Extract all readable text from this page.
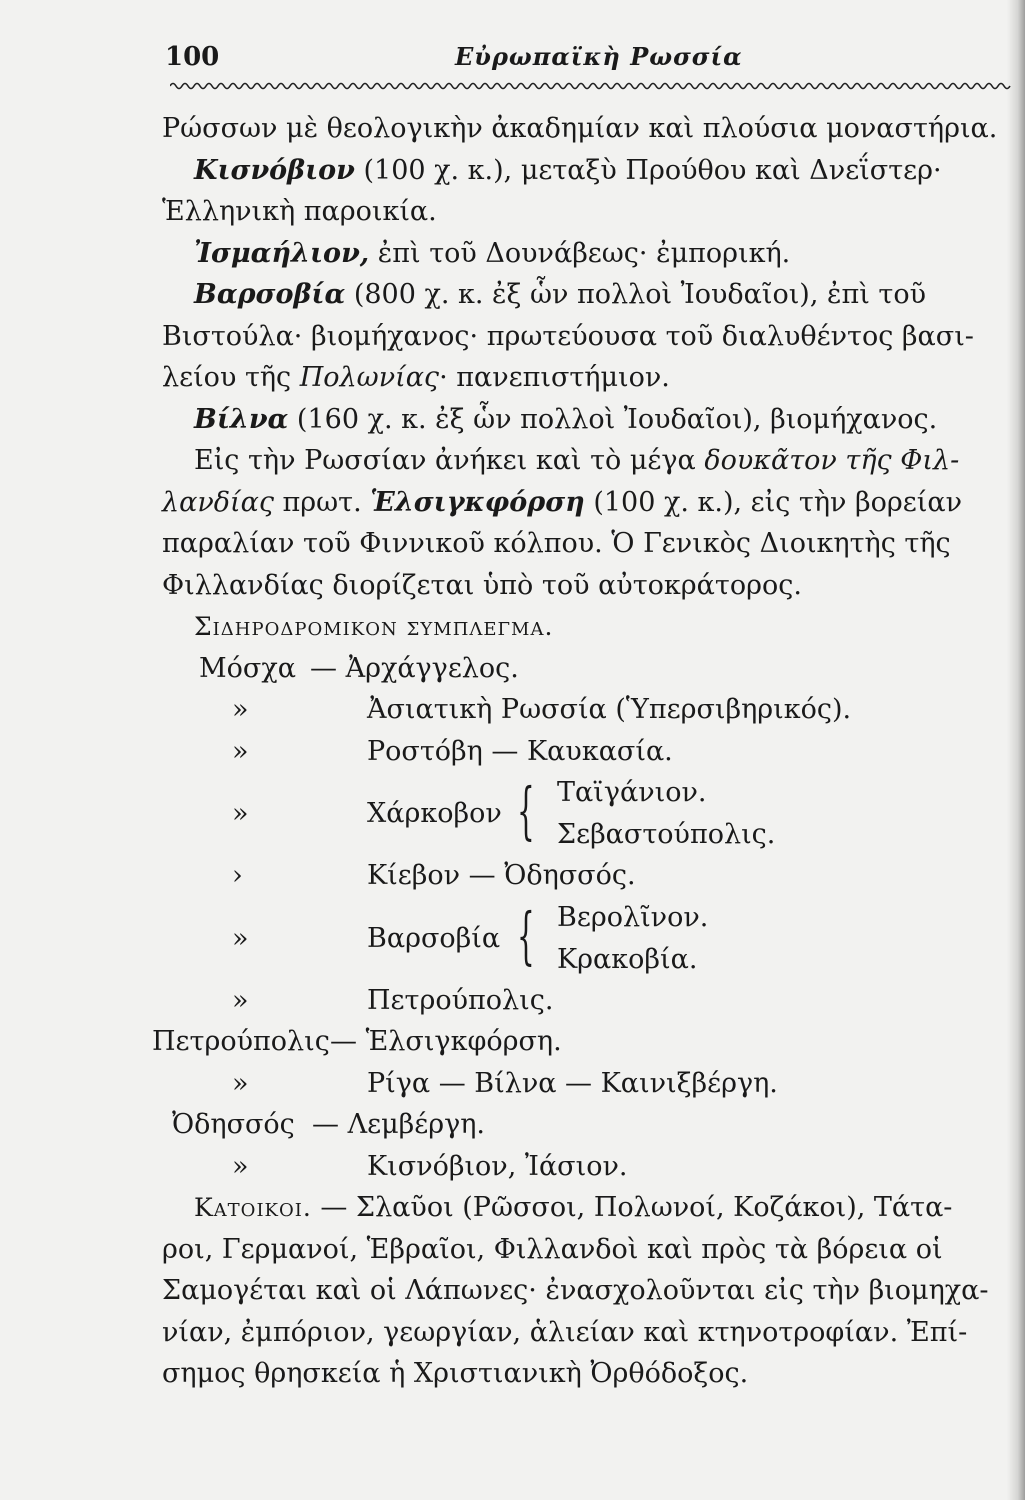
100	Εὐρωπαϊκὴ Ρωσσία
Ρώσσων μὲ θεολογικὴν ἀκαδημίαν καὶ πλούσια μοναστήρια.
Κισνόβιον (100 χ. κ.), μεταξὺ Προύθου καὶ Δνεΐστερ·
Ἑλληνικὴ παροικία.
Ἰσμαήλιον, ἐπὶ τοῦ Δουνάβεως· ἐμπορική.
Βαρσοβία (800 χ. κ. ἐξ ὧν πολλοὶ Ἰουδαῖοι), ἐπὶ τοῦ
Βιστούλα· βιομήχανος· πρωτεύουσα τοῦ διαλυθέντος βασι-
λείου τῆς Πολωνίας· πανεπιστήμιον.
Βίλνα (160 χ. κ. ἐξ ὧν πολλοὶ Ἰουδαῖοι), βιομήχανος.
Εἰς τὴν Ρωσσίαν ἀνήκει καὶ τὸ μέγα δουκᾶτον τῆς Φιλ-
λανδίας πρωτ. Ἑλσιγκφόρση (100 χ. κ.), εἰς τὴν βορείαν
παραλίαν τοῦ Φιννικοῦ κόλπου. Ὁ Γενικὸς Διοικητὴς τῆς
Φιλλανδίας διορίζεται ὑπὸ τοῦ αὐτοκράτορος.
Σιδηροδρομικον συμπλεγμα.
Μόσχα — Ἀρχάγγελος.
»	Ἀσιατικὴ Ρωσσία (Ὑπερσιβηρικός).
»	Ροστόβη — Καυκασία.
»	Χάρκοβον { Ταϊγάνιον.
Σεβαστούπολις.
›	Κίεβον — Ὀδησσός.
»	Βαρσοβία { Βερολῖνον.
Κρακοβία.
»	Πετρούπολις.
Πετρούπολις — Ἑλσιγκφόρση.
»	Ρίγα — Βίλνα — Καινιξβέργη.
Ὀδησσός — Λεμβέργη.
»	Κισνόβιον, Ἰάσιον.
Κατοικοι. — Σλαῦοι (Ρῶσσοι, Πολωνοί, Κοζάκοι), Τάτα-
ροι, Γερμανοί, Ἑβραῖοι, Φιλλανδοὶ καὶ πρὸς τὰ βόρεια οἱ
Σαμογέται καὶ οἱ Λάπωνες· ἐνασχολοῦνται εἰς τὴν βιομηχα-
νίαν, ἐμπόριον, γεωργίαν, ἁλιείαν καὶ κτηνοτροφίαν. Ἐπί-
σημος θρησκεία ἡ Χριστιανικὴ Ὀρθόδοξος.
